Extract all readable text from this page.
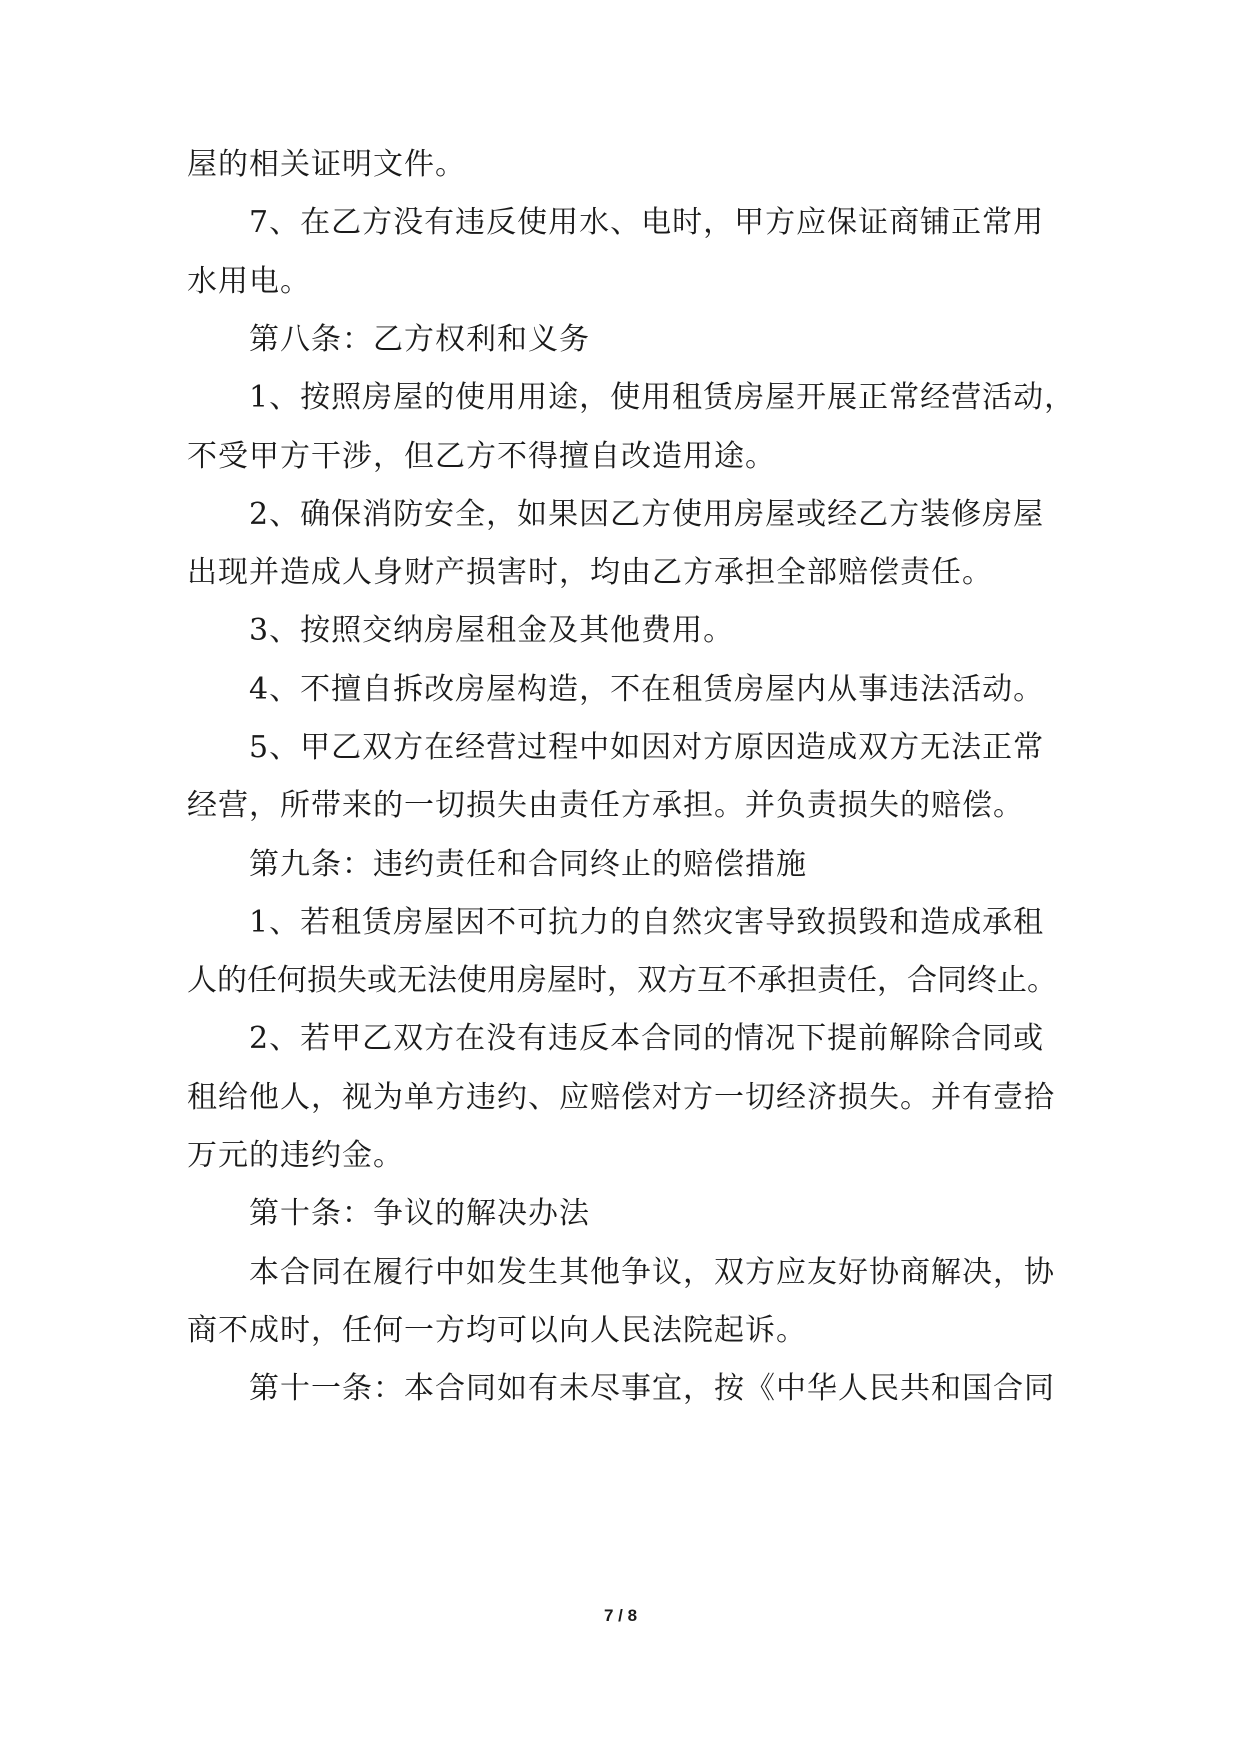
屋的相关证明文件。
7、在乙方没有违反使用水、电时，甲方应保证商铺正常用
水用电。
第八条：乙方权利和义务
1、按照房屋的使用用途，使用租赁房屋开展正常经营活动，
不受甲方干涉，但乙方不得擅自改造用途。
2、确保消防安全，如果因乙方使用房屋或经乙方装修房屋
出现并造成人身财产损害时，均由乙方承担全部赔偿责任。
3、按照交纳房屋租金及其他费用。
4、不擅自拆改房屋构造，不在租赁房屋内从事违法活动。
5、甲乙双方在经营过程中如因对方原因造成双方无法正常
经营，所带来的一切损失由责任方承担。并负责损失的赔偿。
第九条：违约责任和合同终止的赔偿措施
1、若租赁房屋因不可抗力的自然灾害导致损毁和造成承租
人的任何损失或无法使用房屋时，双方互不承担责任，合同终止。
2、若甲乙双方在没有违反本合同的情况下提前解除合同或
租给他人，视为单方违约、应赔偿对方一切经济损失。并有壹拾
万元的违约金。
第十条：争议的解决办法
本合同在履行中如发生其他争议，双方应友好协商解决，协
商不成时，任何一方均可以向人民法院起诉。
第十一条：本合同如有未尽事宜，按《中华人民共和国合同
7 / 8
